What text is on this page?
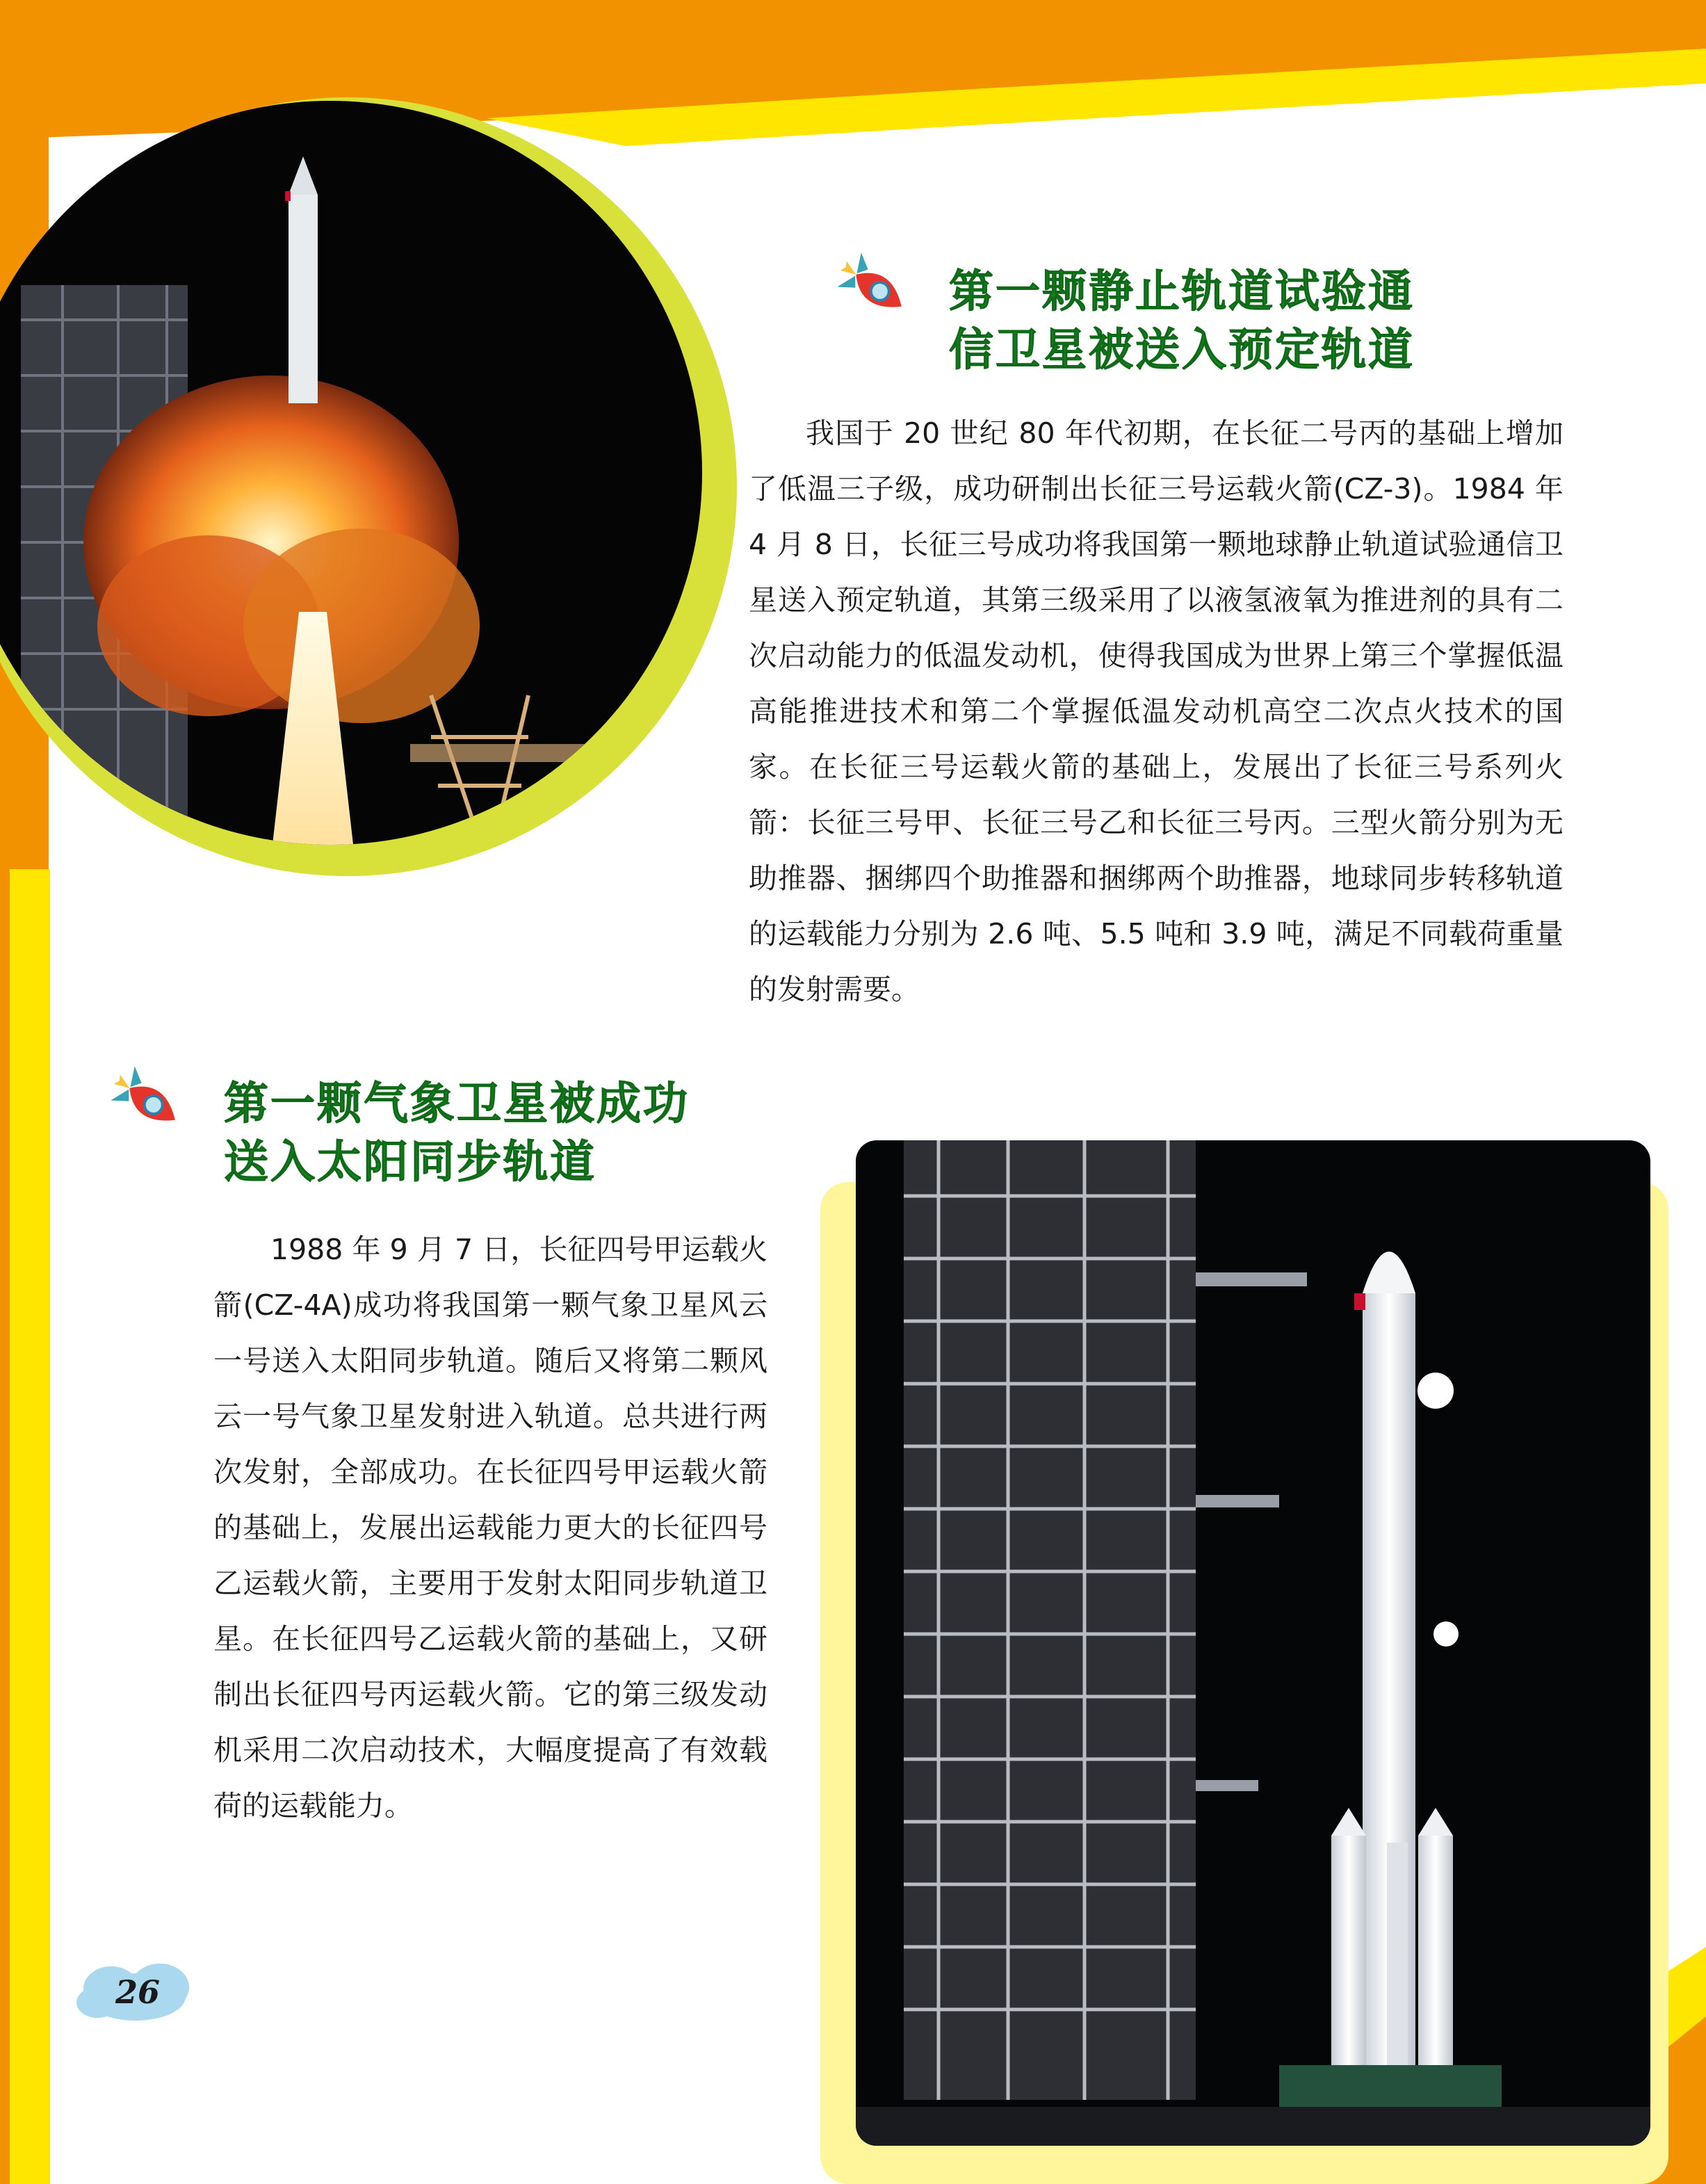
第一颗静止轨道试验通
信卫星被送入预定轨道

我国于 20 世纪 80 年代初期，在长征二号丙的基础上增加了低温三子级，成功研制出长征三号运载火箭(CZ-3)。1984 年 4 月 8 日，长征三号成功将我国第一颗地球静止轨道试验通信卫星送入预定轨道，其第三级采用了以液氢液氧为推进剂的具有二次启动能力的低温发动机，使得我国成为世界上第三个掌握低温高能推进技术和第二个掌握低温发动机高空二次点火技术的国家。在长征三号运载火箭的基础上，发展出了长征三号系列火箭：长征三号甲、长征三号乙和长征三号丙。三型火箭分别为无助推器、捆绑四个助推器和捆绑两个助推器，地球同步转移轨道的运载能力分别为 2.6 吨、5.5 吨和 3.9 吨，满足不同载荷重量的发射需要。

第一颗气象卫星被成功
送入太阳同步轨道

1988 年 9 月 7 日，长征四号甲运载火箭(CZ-4A)成功将我国第一颗气象卫星风云一号送入太阳同步轨道。随后又将第二颗风云一号气象卫星发射进入轨道。总共进行两次发射，全部成功。在长征四号甲运载火箭的基础上，发展出运载能力更大的长征四号乙运载火箭，主要用于发射太阳同步轨道卫星。在长征四号乙运载火箭的基础上，又研制出长征四号丙运载火箭。它的第三级发动机采用二次启动技术，大幅度提高了有效载荷的运载能力。

26
